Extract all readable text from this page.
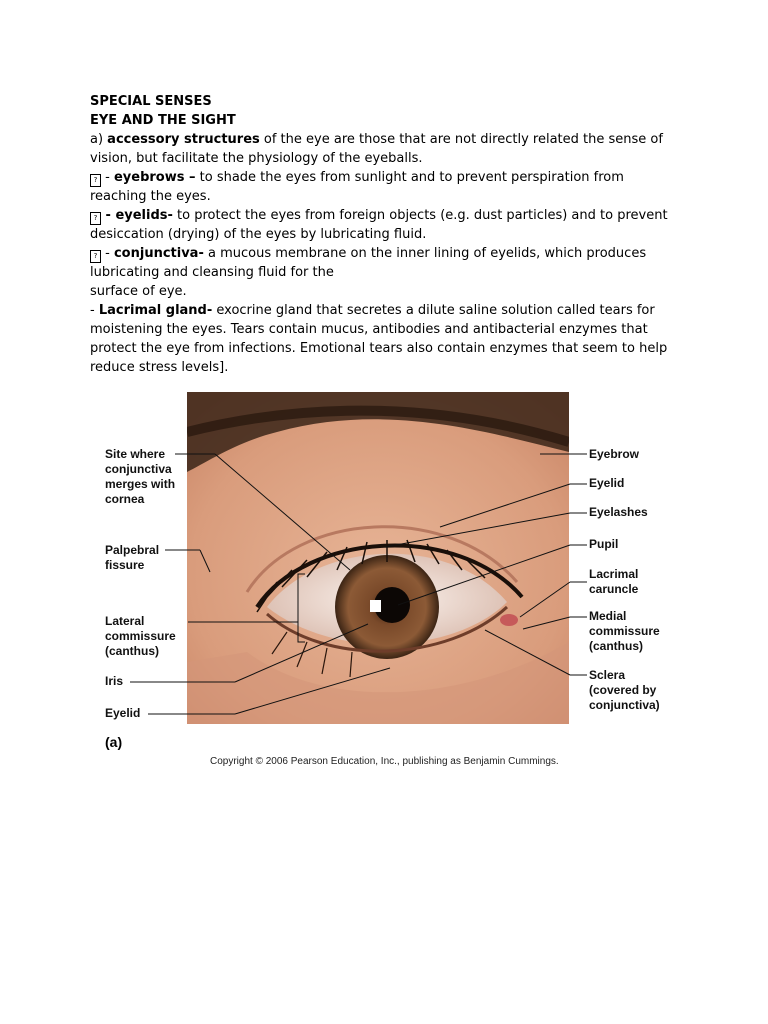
SPECIAL SENSES

EYE AND THE SIGHT

a) accessory structures of the eye are those that are not directly related the sense of vision, but facilitate the physiology of the eyeballs.

? - eyebrows – to shade the eyes from sunlight and to prevent perspiration from reaching the eyes.

? - eyelids- to protect the eyes from foreign objects (e.g. dust particles) and to prevent desiccation (drying) of the eyes by lubricating fluid.

? - conjunctiva- a mucous membrane on the inner lining of eyelids, which produces lubricating and cleansing fluid for the

surface of eye.

- Lacrimal gland- exocrine gland that secretes a dilute saline solution called tears for moistening the eyes. Tears contain mucus, antibodies and antibacterial enzymes that protect the eye from infections. Emotional tears also contain enzymes that seem to help reduce stress levels].

Site where
conjunctiva
merges with
cornea
Palpebral
fissure
Lateral
commissure
(canthus)
Iris
Eyelid
Eyebrow
Eyelid
Eyelashes
Pupil
Lacrimal
caruncle
Medial
commissure
(canthus)
Sclera
(covered by
conjunctiva)
(a)
Copyright © 2006 Pearson Education, Inc., publishing as Benjamin Cummings.
